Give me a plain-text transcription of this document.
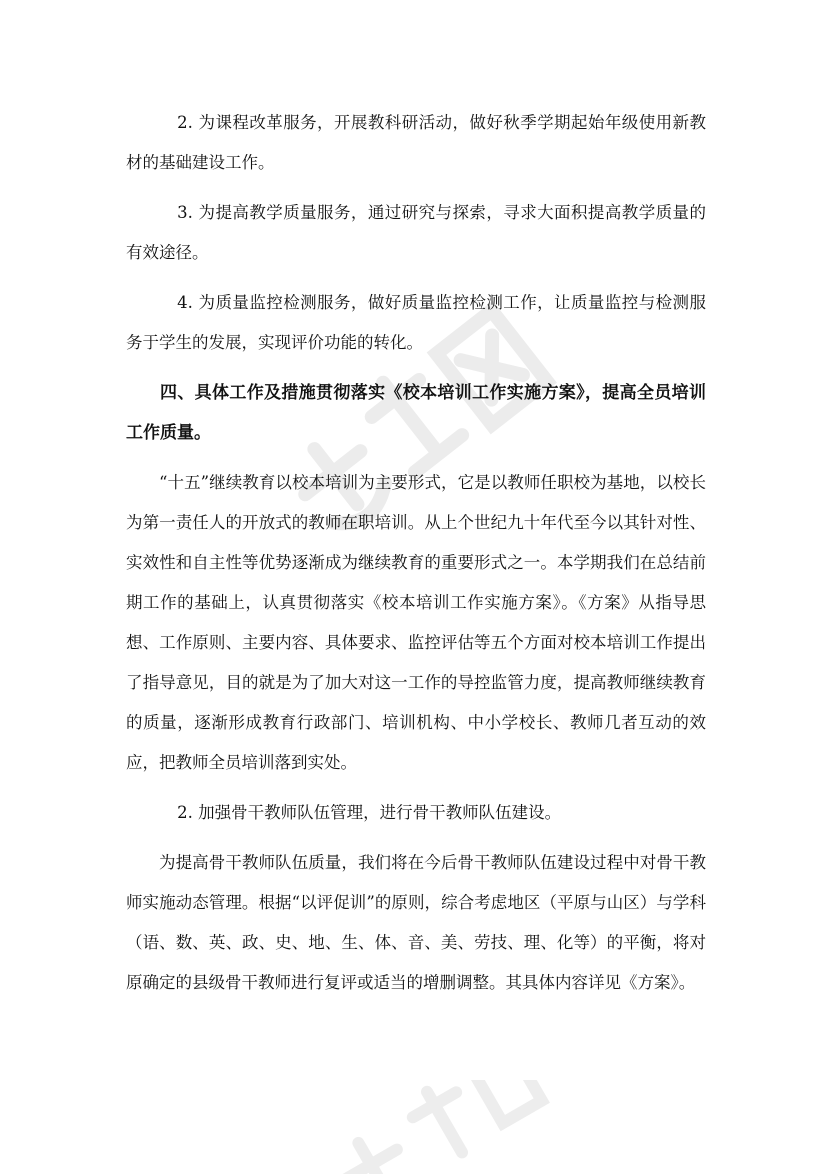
2. 为课程改革服务，开展教科研活动，做好秋季学期起始年级使用新教材的基础建设工作。

3. 为提高教学质量服务，通过研究与探索，寻求大面积提高教学质量的有效途径。

4. 为质量监控检测服务，做好质量监控检测工作，让质量监控与检测服务于学生的发展，实现评价功能的转化。

四、具体工作及措施贯彻落实《校本培训工作实施方案》，提高全员培训工作质量。

“十五”继续教育以校本培训为主要形式，它是以教师任职校为基地，以校长为第一责任人的开放式的教师在职培训。从上个世纪九十年代至今以其针对性、实效性和自主性等优势逐渐成为继续教育的重要形式之一。本学期我们在总结前期工作的基础上，认真贯彻落实《校本培训工作实施方案》。《方案》从指导思想、工作原则、主要内容、具体要求、监控评估等五个方面对校本培训工作提出了指导意见，目的就是为了加大对这一工作的导控监管力度，提高教师继续教育的质量，逐渐形成教育行政部门、培训机构、中小学校长、教师几者互动的效应，把教师全员培训落到实处。

2. 加强骨干教师队伍管理，进行骨干教师队伍建设。

为提高骨干教师队伍质量，我们将在今后骨干教师队伍建设过程中对骨干教师实施动态管理。根据“以评促训”的原则，综合考虑地区（平原与山区）与学科（语、数、英、政、史、地、生、体、音、美、劳技、理、化等）的平衡，将对原确定的县级骨干教师进行复评或适当的增删调整。其具体内容详见《方案》。
